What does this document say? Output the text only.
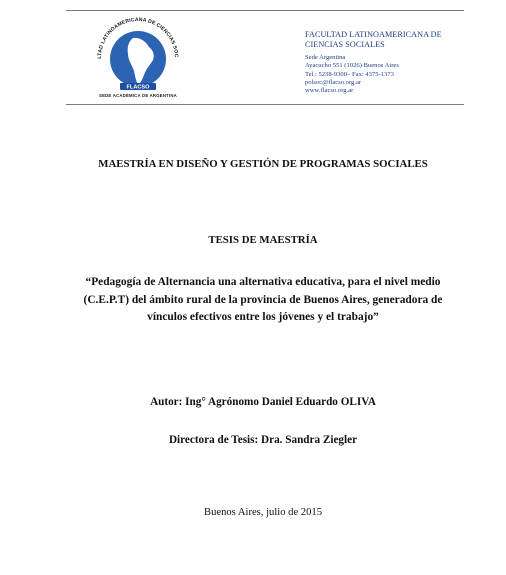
LTAD LATINOAMERICANA DE CIENCIAS SOC
FLACSO
SEDE ACADÉMICA DE ARGENTINA

FACULTAD LATINOAMERICANA DE CIENCIAS SOCIALES

Sede Argentina

Ayacucho 551 (1026) Buenos Aires

Tel.: 5238-9300– Fax: 4375-1373

polsoc@flacso.org.ar

www.flacso.org.ar

MAESTRÍA EN DISEÑO Y GESTIÓN DE PROGRAMAS SOCIALES
TESIS DE MAESTRÍA
“Pedagogía de Alternancia una alternativa educativa, para el nivel medio
(C.E.P.T) del ámbito rural de la provincia de Buenos Aires, generadora de
vínculos efectivos entre los jóvenes y el trabajo”
Autor: Ing° Agrónomo Daniel Eduardo OLIVA
Directora de Tesis: Dra. Sandra Ziegler
Buenos Aires, julio de 2015
